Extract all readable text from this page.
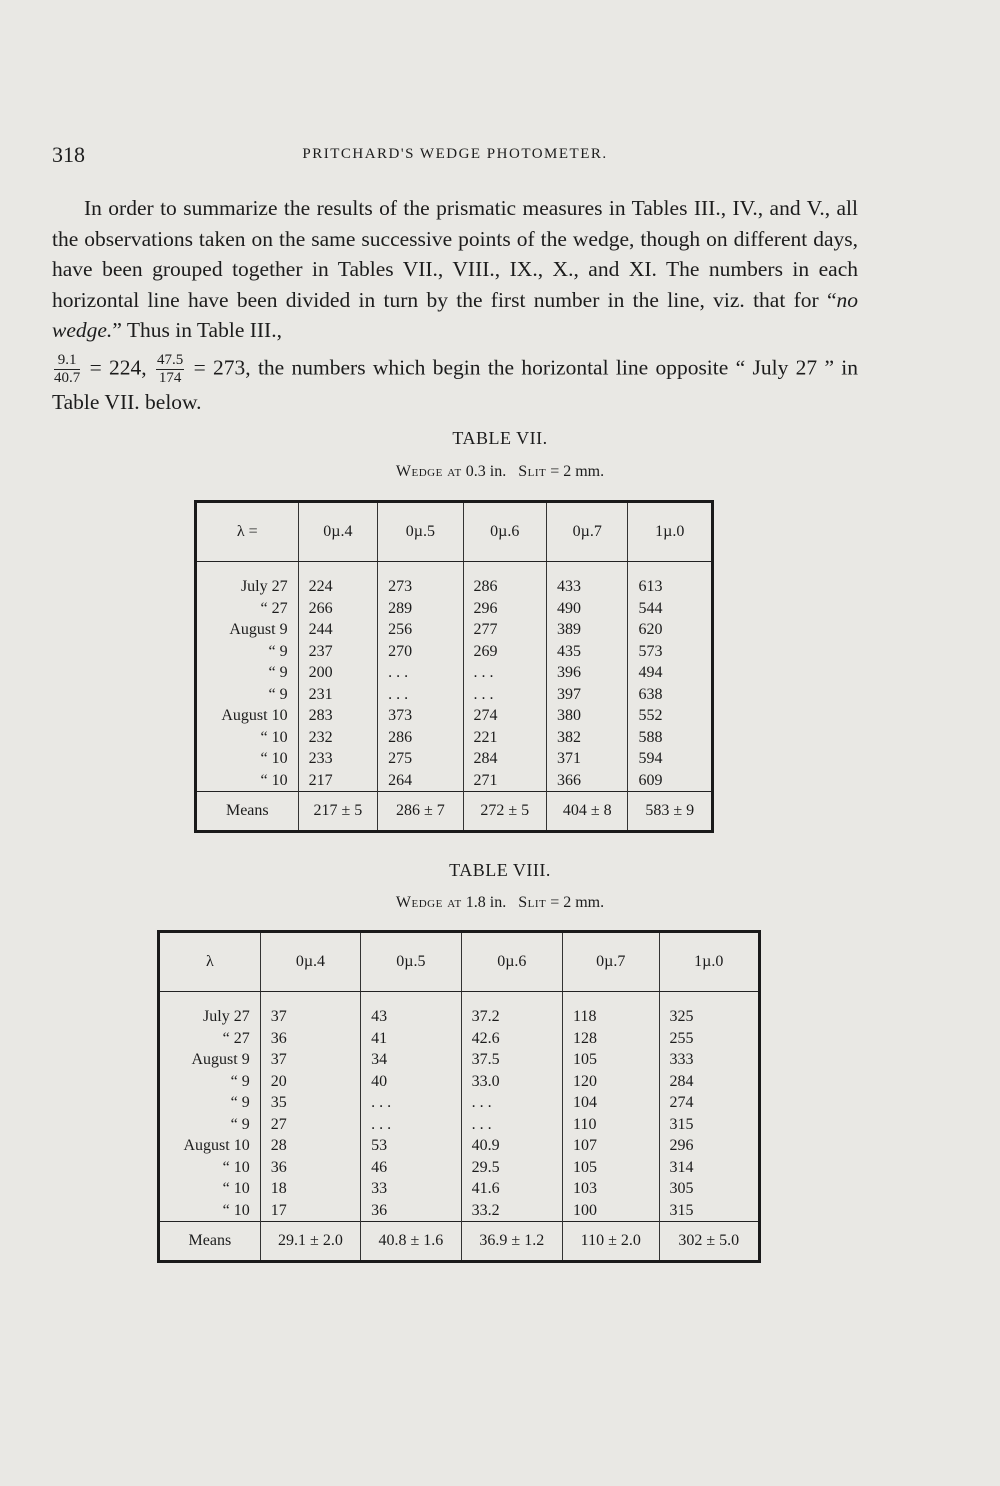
318	PRITCHARD'S WEDGE PHOTOMETER.

In order to summarize the results of the prismatic measures in Tables III., IV., and V., all the observations taken on the same successive points of the wedge, though on different days, have been grouped together in Tables VII., VIII., IX., X., and XI. The numbers in each horizontal line have been divided in turn by the first number in the line, viz. that for “no wedge.” Thus in Table III.,
$\frac{9.1}{40.7} = 224$, $\frac{47.5}{174} = 273$, the numbers which begin the horizontal line opposite “ July 27 ” in Table VII. below.

TABLE VII.
Wedge at 0.3 in. Slit = 2 mm.
λ =	0µ.4	0µ.5	0µ.6	0µ.7	1µ.0

July 27	224	273	286	433	613
“ 27	266	289	296	490	544
August 9	244	256	277	389	620
“ 9	237	270	269	435	573
“ 9	200	. . .	. . .	396	494
“ 9	231	. . .	. . .	397	638
August 10	283	373	274	380	552
“ 10	232	286	221	382	588
“ 10	233	275	284	371	594
“ 10	217	264	271	366	609
Means	217 ± 5	286 ± 7	272 ± 5	404 ± 8	583 ± 9
TABLE VIII.
Wedge at 1.8 in. Slit = 2 mm.
λ	0µ.4	0µ.5	0µ.6	0µ.7	1µ.0

July 27	37	43	37.2	118	325
“ 27	36	41	42.6	128	255
August 9	37	34	37.5	105	333
“ 9	20	40	33.0	120	284
“ 9	35	. . .	. . .	104	274
“ 9	27	. . .	. . .	110	315
August 10	28	53	40.9	107	296
“ 10	36	46	29.5	105	314
“ 10	18	33	41.6	103	305
“ 10	17	36	33.2	100	315
Means	29.1 ± 2.0	40.8 ± 1.6	36.9 ± 1.2	110 ± 2.0	302 ± 5.0
